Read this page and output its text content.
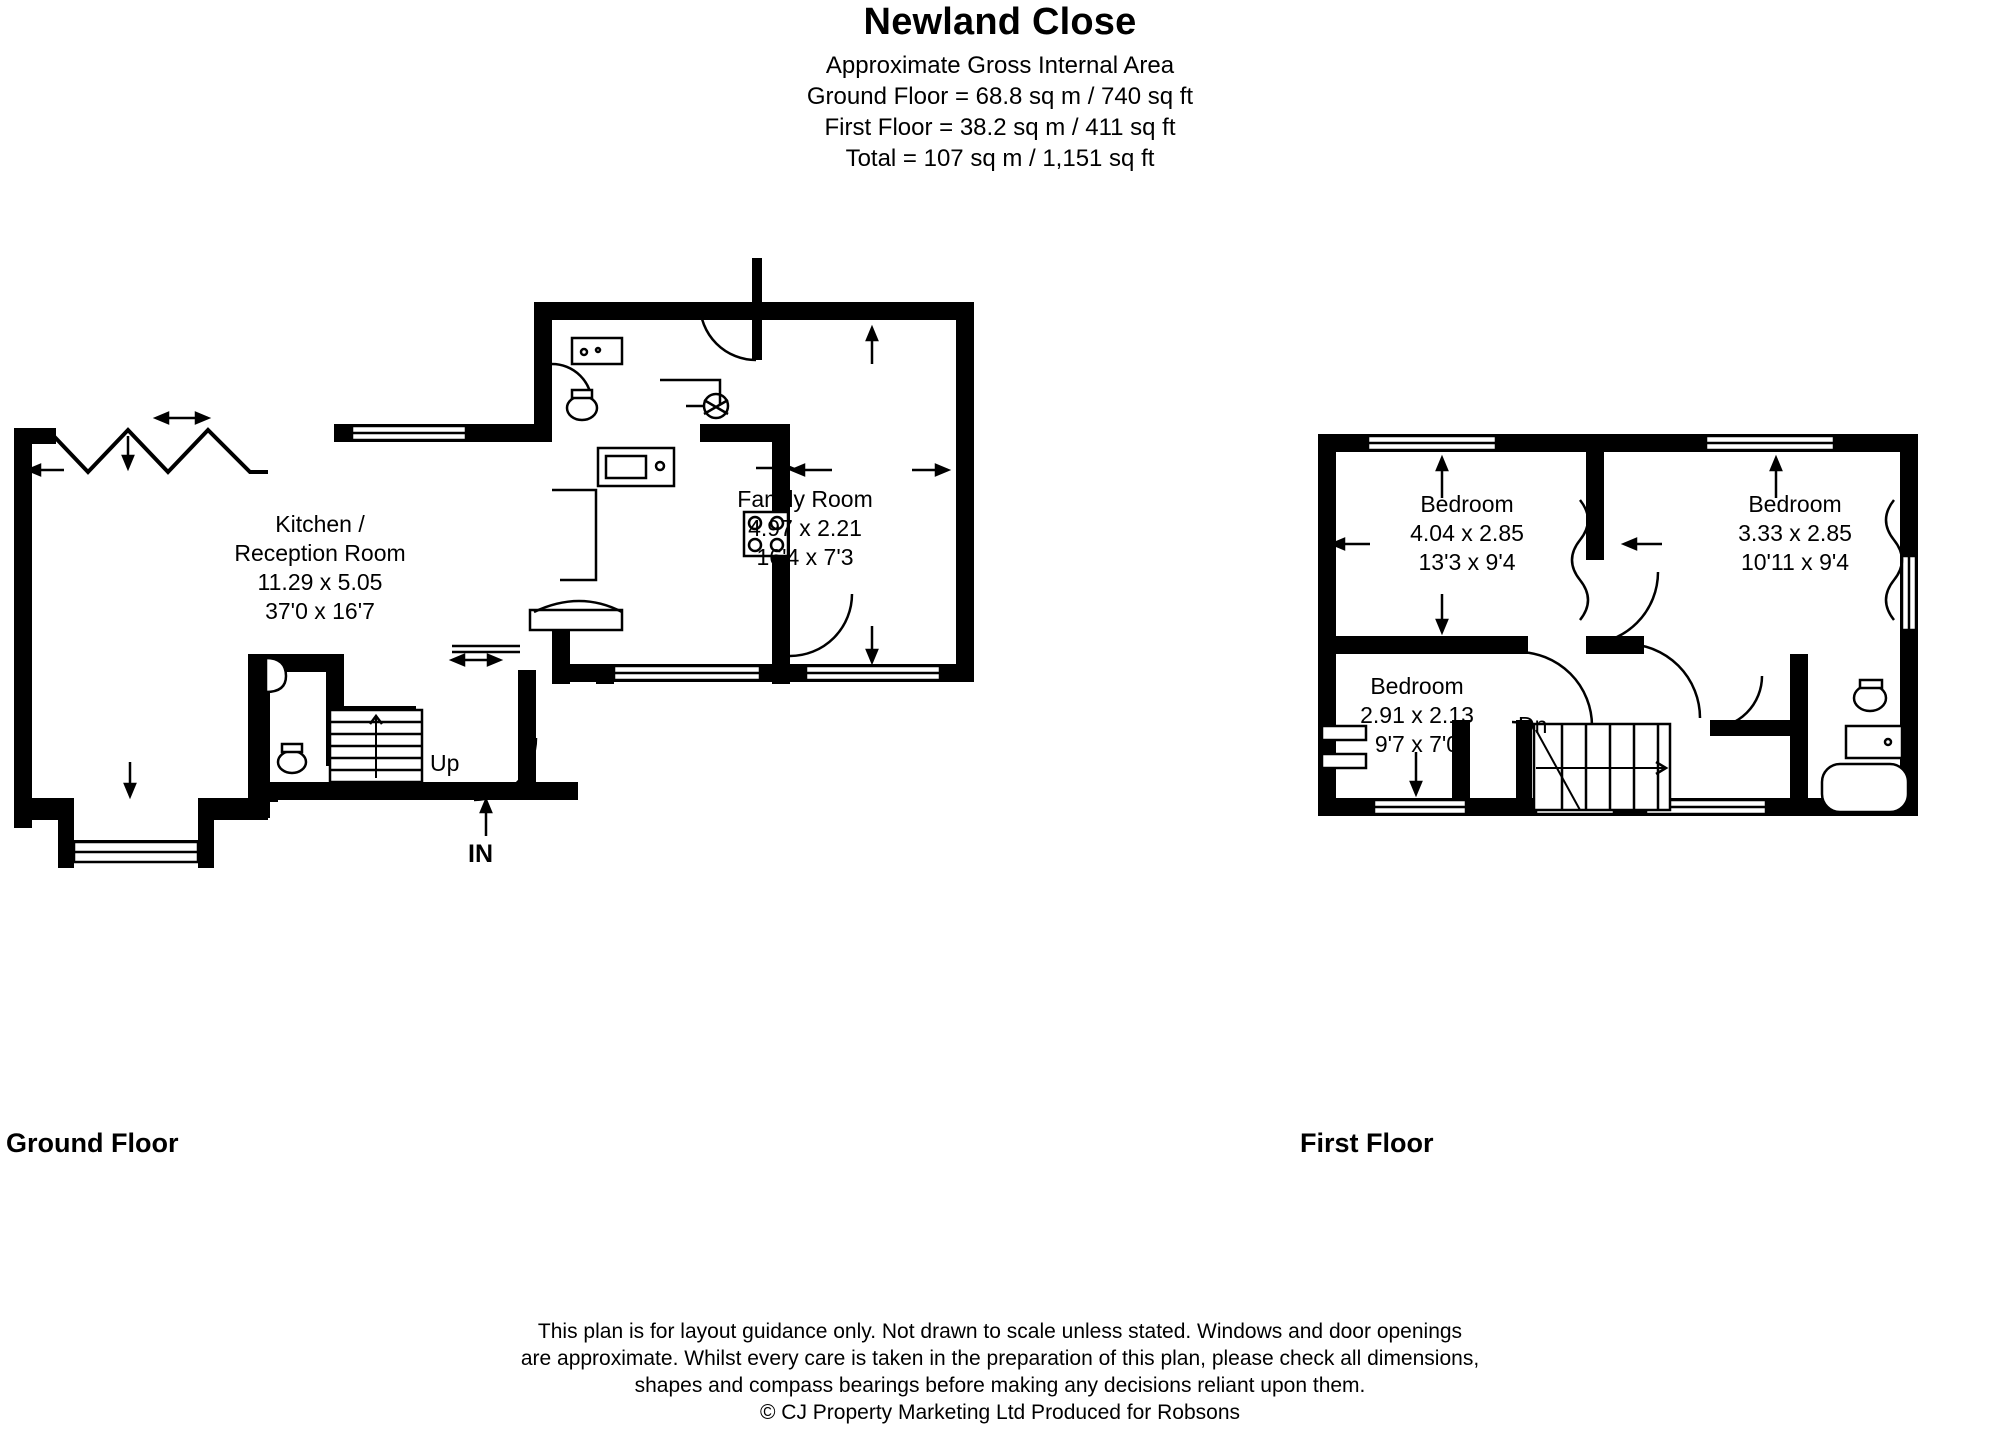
Newland Close
Approximate Gross Internal Area
Ground Floor = 68.8 sq m / 740 sq ft
First Floor = 38.2 sq m / 411 sq ft
Total = 107 sq m / 1,151 sq ft
Kitchen /
Reception Room
11.29 x 5.05
37'0 x 16'7
Family Room
4.97 x 2.21
16'4 x 7'3
Up
IN
Bedroom
4.04 x 2.85
13'3 x 9'4
Bedroom
3.33 x 2.85
10'11 x 9'4
Bedroom
2.91 x 2.13
9'7 x 7'0
Dn
Ground Floor	First Floor
This plan is for layout guidance only. Not drawn to scale unless stated. Windows and door openings
are approximate. Whilst every care is taken in the preparation of this plan, please check all dimensions,
shapes and compass bearings before making any decisions reliant upon them.
© CJ Property Marketing Ltd Produced for Robsons
